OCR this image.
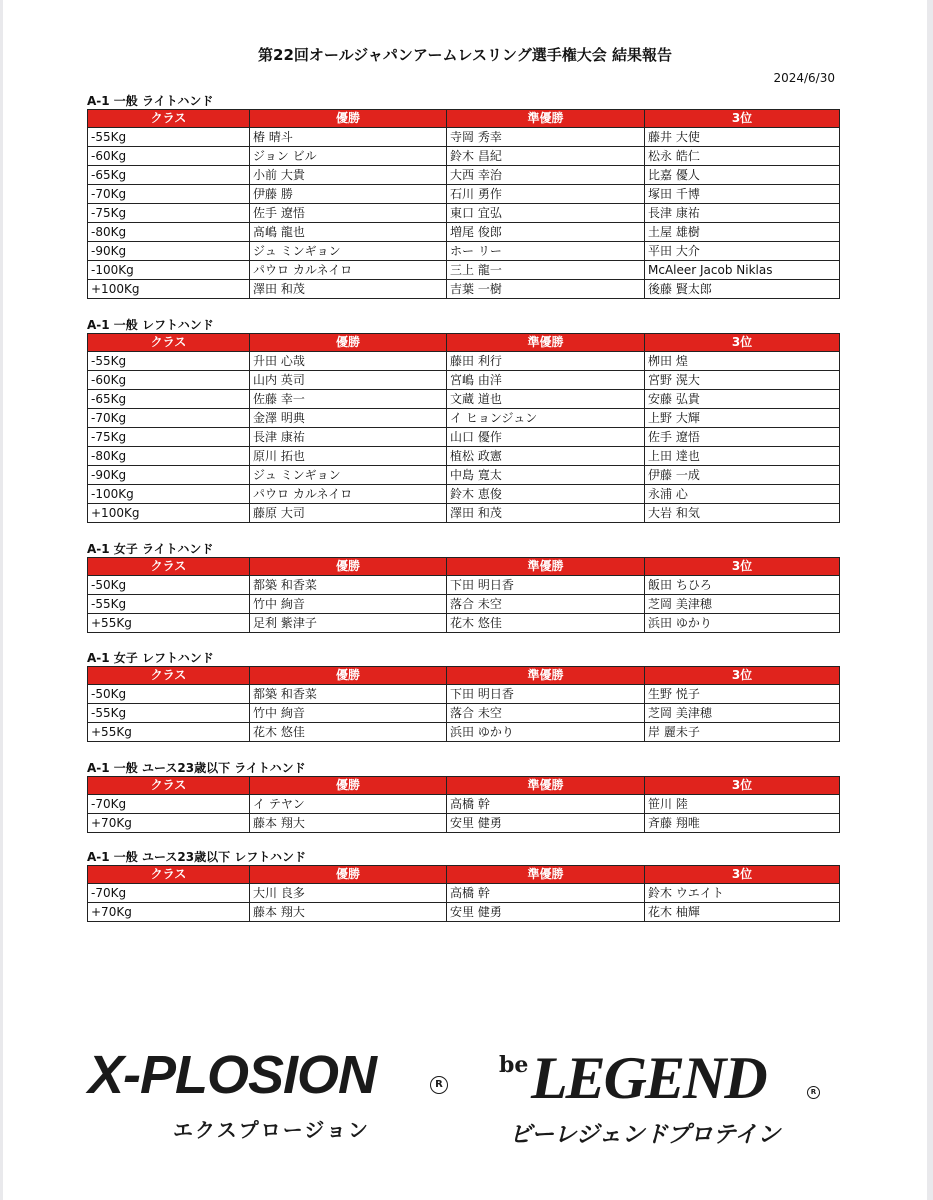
第22回オールジャパンアームレスリング選手権大会 結果報告
2024/6/30
A-1 一般 ライトハンド
クラス	優勝	準優勝	3位
-55Kg	椿 晴斗	寺岡 秀幸	藤井 大使
-60Kg	ジョン ビル	鈴木 昌紀	松永 皓仁
-65Kg	小前 大貴	大西 幸治	比嘉 優人
-70Kg	伊藤 勝	石川 勇作	塚田 千博
-75Kg	佐手 遼悟	東口 宜弘	長津 康祐
-80Kg	髙嶋 龍也	増尾 俊郎	土屋 雄樹
-90Kg	ジュ ミンギョン	ホー リー	平田 大介
-100Kg	パウロ カルネイロ	三上 龍一	McAleer Jacob Niklas
+100Kg	澤田 和茂	吉葉 一樹	後藤 賢太郎
A-1 一般 レフトハンド
クラス	優勝	準優勝	3位
-55Kg	升田 心哉	藤田 利行	栁田 煌
-60Kg	山内 英司	宮嶋 由洋	宮野 滉大
-65Kg	佐藤 幸一	文蔵 道也	安藤 弘貴
-70Kg	金澤 明典	イ ヒョンジュン	上野 大輝
-75Kg	長津 康祐	山口 優作	佐手 遼悟
-80Kg	原川 拓也	植松 政憲	上田 達也
-90Kg	ジュ ミンギョン	中島 寛太	伊藤 一成
-100Kg	パウロ カルネイロ	鈴木 恵俊	永浦 心
+100Kg	藤原 大司	澤田 和茂	大岩 和気
A-1 女子 ライトハンド
クラス	優勝	準優勝	3位
-50Kg	都築 和香菜	下田 明日香	飯田 ちひろ
-55Kg	竹中 絢音	落合 未空	芝岡 美津穂
+55Kg	足利 紫津子	花木 悠佳	浜田 ゆかり
A-1 女子 レフトハンド
クラス	優勝	準優勝	3位
-50Kg	都築 和香菜	下田 明日香	生野 悦子
-55Kg	竹中 絢音	落合 未空	芝岡 美津穂
+55Kg	花木 悠佳	浜田 ゆかり	岸 麗未子
A-1 一般 ユース23歳以下 ライトハンド
クラス	優勝	準優勝	3位
-70Kg	イ テヤン	高橋 幹	笹川 陸
+70Kg	藤本 翔大	安里 健勇	斉藤 翔唯
A-1 一般 ユース23歳以下 レフトハンド
クラス	優勝	準優勝	3位
-70Kg	大川 良多	高橋 幹	鈴木 ウエイト
+70Kg	藤本 翔大	安里 健勇	花木 柚輝
X-PLOSION	R
エクスプロージョン
be LEGEND	R
ビーレジェンドプロテイン
